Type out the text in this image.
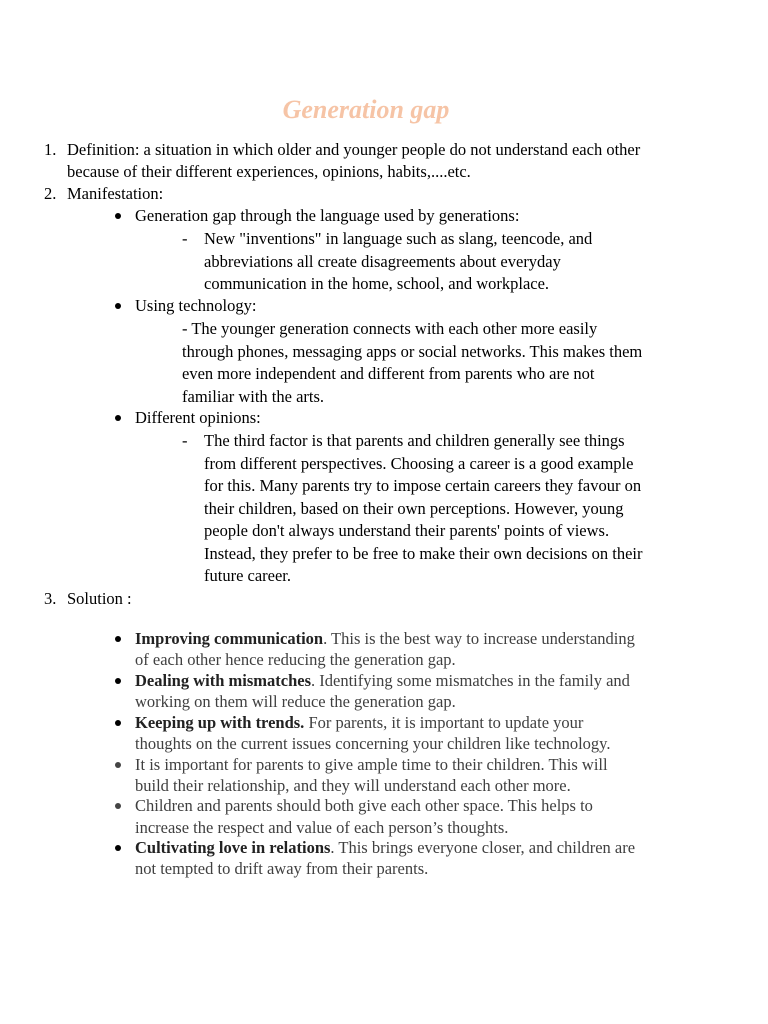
Generation gap
1. Definition: a situation in which older and younger people do not understand each other
because of their different experiences, opinions, habits,....etc.
2. Manifestation:
Generation gap through the language used by generations:
- New "inventions" in language such as slang, teencode, and
abbreviations all create disagreements about everyday
communication in the home, school, and workplace.
Using technology:
- The younger generation connects with each other more easily
through phones, messaging apps or social networks. This makes them
even more independent and different from parents who are not
familiar with the arts.
Different opinions:
- The third factor is that parents and children generally see things
from different perspectives. Choosing a career is a good example
for this. Many parents try to impose certain careers they favour on
their children, based on their own perceptions. However, young
people don't always understand their parents' points of views.
Instead, they prefer to be free to make their own decisions on their
future career.
3. Solution :
Improving communication. This is the best way to increase understanding
of each other hence reducing the generation gap.
Dealing with mismatches. Identifying some mismatches in the family and
working on them will reduce the generation gap.
Keeping up with trends. For parents, it is important to update your
thoughts on the current issues concerning your children like technology.
It is important for parents to give ample time to their children. This will
build their relationship, and they will understand each other more.
Children and parents should both give each other space. This helps to
increase the respect and value of each person’s thoughts.
Cultivating love in relations. This brings everyone closer, and children are
not tempted to drift away from their parents.
